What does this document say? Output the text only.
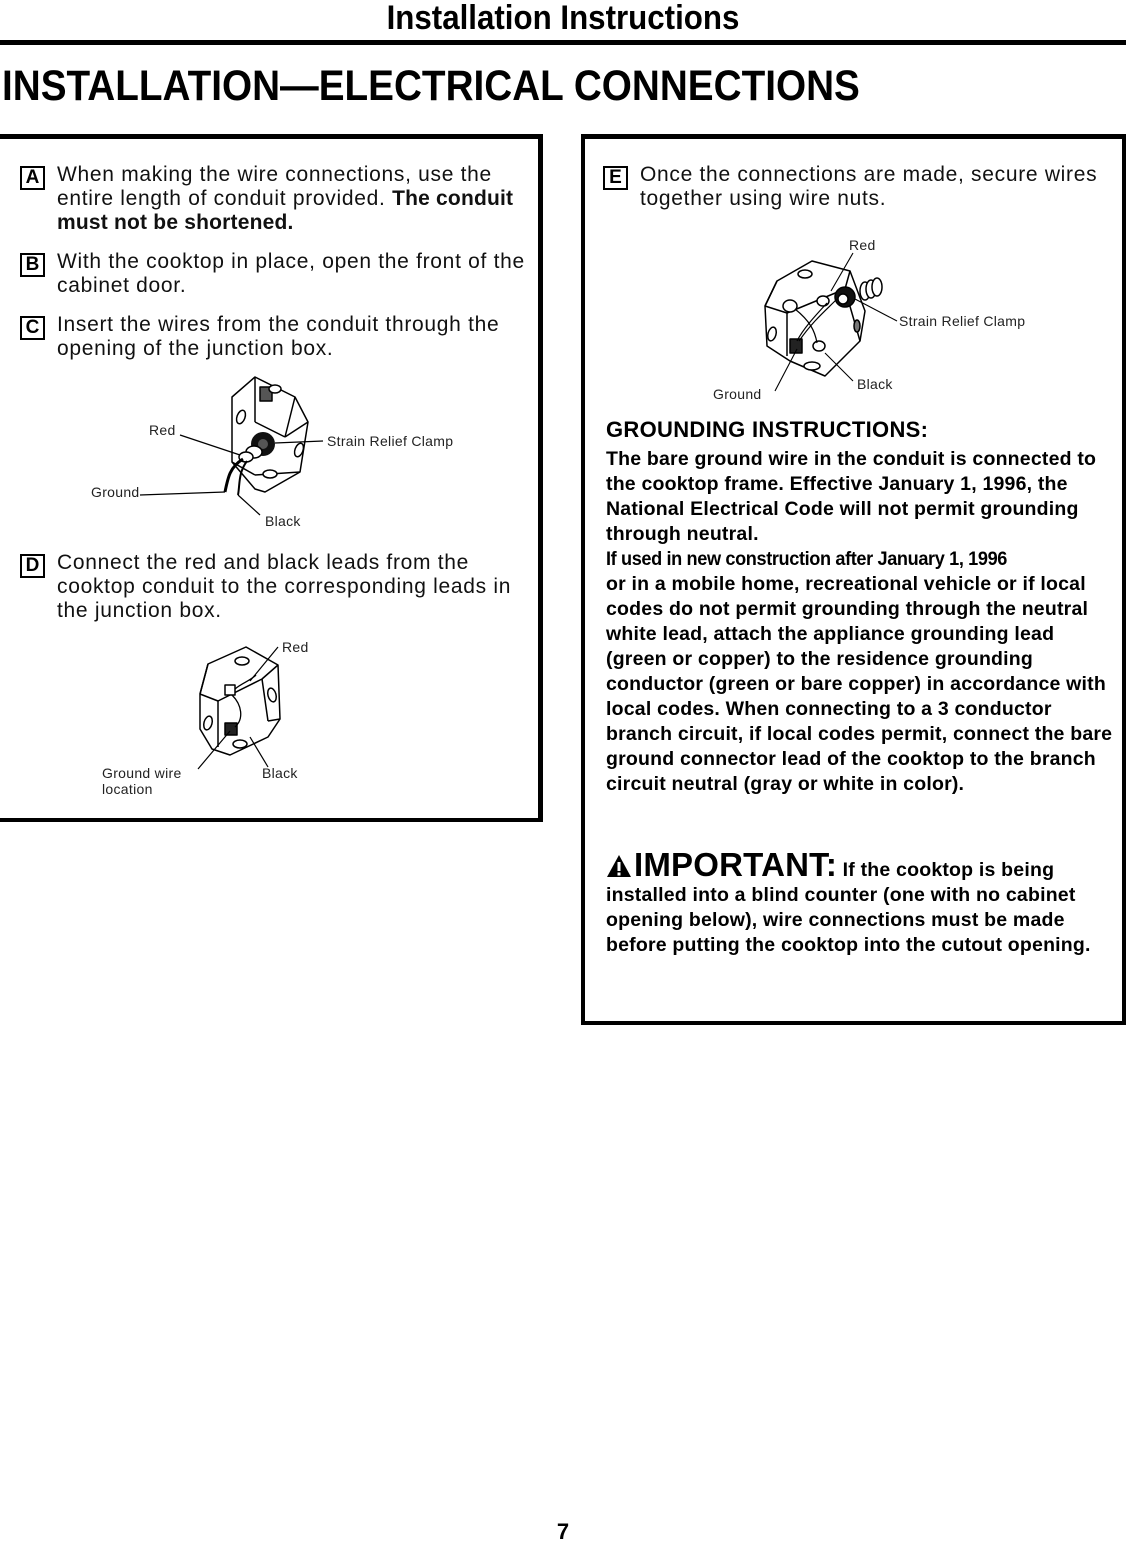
Installation Instructions
INSTALLATION—ELECTRICAL CONNECTIONS
A When making the wire connections, use the entire length of conduit provided. The conduit must not be shortened.
B With the cooktop in place, open the front of the cabinet door.
C Insert the wires from the conduit through the opening of the junction box.
Red
Strain Relief Clamp
Ground
Black
D Connect the red and black leads from the cooktop conduit to the corresponding leads in the junction box.
Red
Ground wire
location
Black
E Once the connections are made, secure wires together using wire nuts.
Red
Strain Relief Clamp
Ground
Black
GROUNDING INSTRUCTIONS:
The bare ground wire in the conduit is connected to the cooktop frame. Effective January 1, 1996, the National Electrical Code will not permit grounding through neutral.
If used in new construction after January 1, 1996
or in a mobile home, recreational vehicle or if local codes do not permit grounding through the neutral white lead, attach the appliance grounding lead (green or copper) to the residence grounding conductor (green or bare copper) in accordance with local codes. When connecting to a 3 conductor branch circuit, if local codes permit, connect the bare ground connector lead of the cooktop to the branch circuit neutral (gray or white in color).
IMPORTANT: If the cooktop is being installed into a blind counter (one with no cabinet opening below), wire connections must be made before putting the cooktop into the cutout opening.
7
